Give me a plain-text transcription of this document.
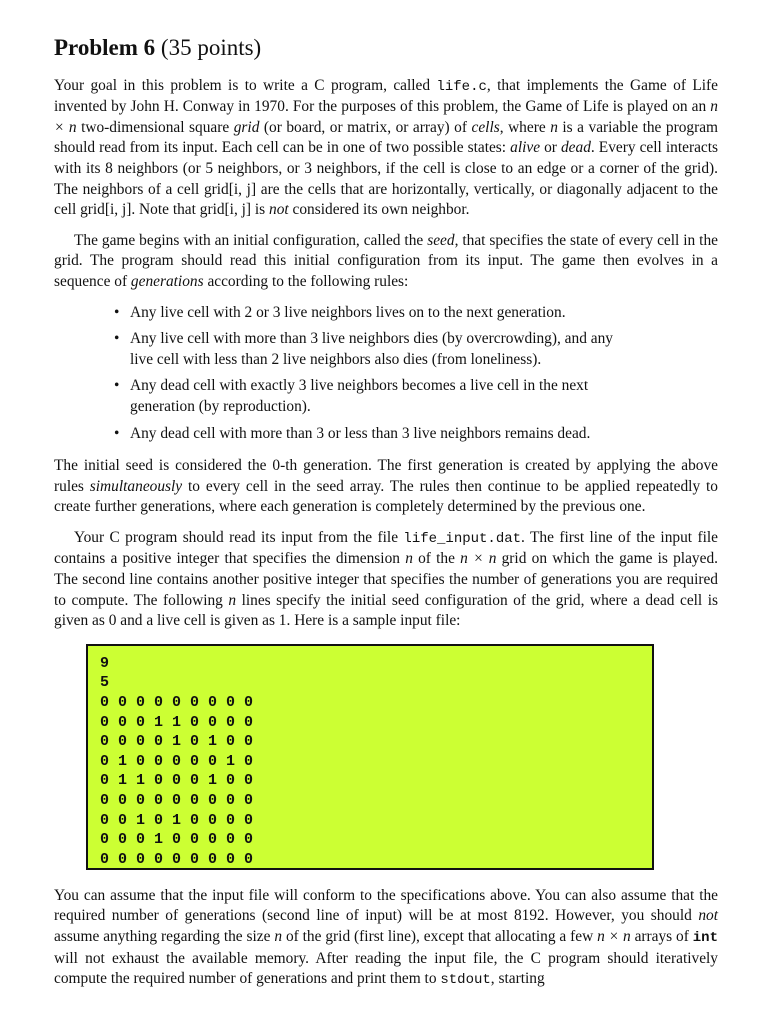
Problem 6 (35 points)

Your goal in this problem is to write a C program, called life.c, that implements the Game of Life invented by John H. Conway in 1970. For the purposes of this problem, the Game of Life is played on an n × n two-dimensional square grid (or board, or matrix, or array) of cells, where n is a variable the program should read from its input. Each cell can be in one of two possible states: alive or dead. Every cell interacts with its 8 neighbors (or 5 neighbors, or 3 neighbors, if the cell is close to an edge or a corner of the grid). The neighbors of a cell grid[i, j] are the cells that are horizontally, vertically, or diagonally adjacent to the cell grid[i, j]. Note that grid[i, j] is not considered its own neighbor.

The game begins with an initial configuration, called the seed, that specifies the state of every cell in the grid. The program should read this initial configuration from its input. The game then evolves in a sequence of generations according to the following rules:

• Any live cell with 2 or 3 live neighbors lives on to the next generation.
• Any live cell with more than 3 live neighbors dies (by overcrowding), and any live cell with less than 2 live neighbors also dies (from loneliness).
• Any dead cell with exactly 3 live neighbors becomes a live cell in the next generation (by reproduction).
• Any dead cell with more than 3 or less than 3 live neighbors remains dead.

The initial seed is considered the 0-th generation. The first generation is created by applying the above rules simultaneously to every cell in the seed array. The rules then continue to be applied repeatedly to create further generations, where each generation is completely determined by the previous one.

Your C program should read its input from the file life_input.dat. The first line of the input file contains a positive integer that specifies the dimension n of the n × n grid on which the game is played. The second line contains another positive integer that specifies the number of generations you are required to compute. The following n lines specify the initial seed configuration of the grid, where a dead cell is given as 0 and a live cell is given as 1. Here is a sample input file:

9
5
0 0 0 0 0 0 0 0 0
0 0 0 1 1 0 0 0 0
0 0 0 0 1 0 1 0 0
0 1 0 0 0 0 0 1 0
0 1 1 0 0 0 1 0 0
0 0 0 0 0 0 0 0 0
0 0 1 0 1 0 0 0 0
0 0 0 1 0 0 0 0 0
0 0 0 0 0 0 0 0 0

You can assume that the input file will conform to the specifications above. You can also assume that the required number of generations (second line of input) will be at most 8192. However, you should not assume anything regarding the size n of the grid (first line), except that allocating a few n × n arrays of int will not exhaust the available memory. After reading the input file, the C program should iteratively compute the required number of generations and print them to stdout, starting
